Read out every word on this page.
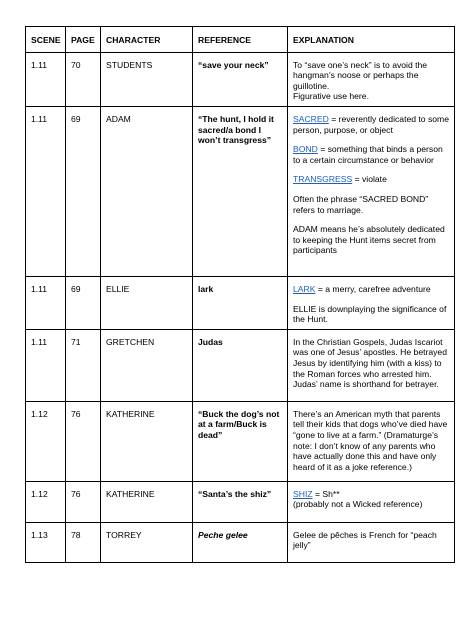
SCENE	PAGE	CHARACTER	REFERENCE	EXPLANATION
1.11	70	STUDENTS	“save your neck”	To “save one’s neck” is to avoid the hangman’s noose or perhaps the guillotine.
Figurative use here.
1.11	69	ADAM	“The hunt, I hold it sacred/a bond I won’t transgress”	SACRED = reverently dedicated to some person, purpose, or object

BOND = something that binds a person to a certain circumstance or behavior

TRANSGRESS = violate

Often the phrase “SACRED BOND” refers to marriage.

ADAM means he’s absolutely dedicated to keeping the Hunt items secret from participants

1.11	69	ELLIE	lark	LARK = a merry, carefree adventure

ELLIE is downplaying the significance of the Hunt.

1.11	71	GRETCHEN	Judas	In the Christian Gospels, Judas Iscariot was one of Jesus’ apostles. He betrayed Jesus by identifying him (with a kiss) to the Roman forces who arrested him.
Judas’ name is shorthand for betrayer.
1.12	76	KATHERINE	“Buck the dog’s not at a farm/Buck is dead”	There’s an American myth that parents tell their kids that dogs who’ve died have “gone to live at a farm.” (Dramaturge’s note: I don’t know of any parents who have actually done this and have only heard of it as a joke reference.)
1.12	76	KATHERINE	“Santa’s the shiz”	SHIZ = Sh**
(probably not a Wicked reference)
1.13	78	TORREY	Peche gelee	Gelee de pêches is French for “peach jelly”
